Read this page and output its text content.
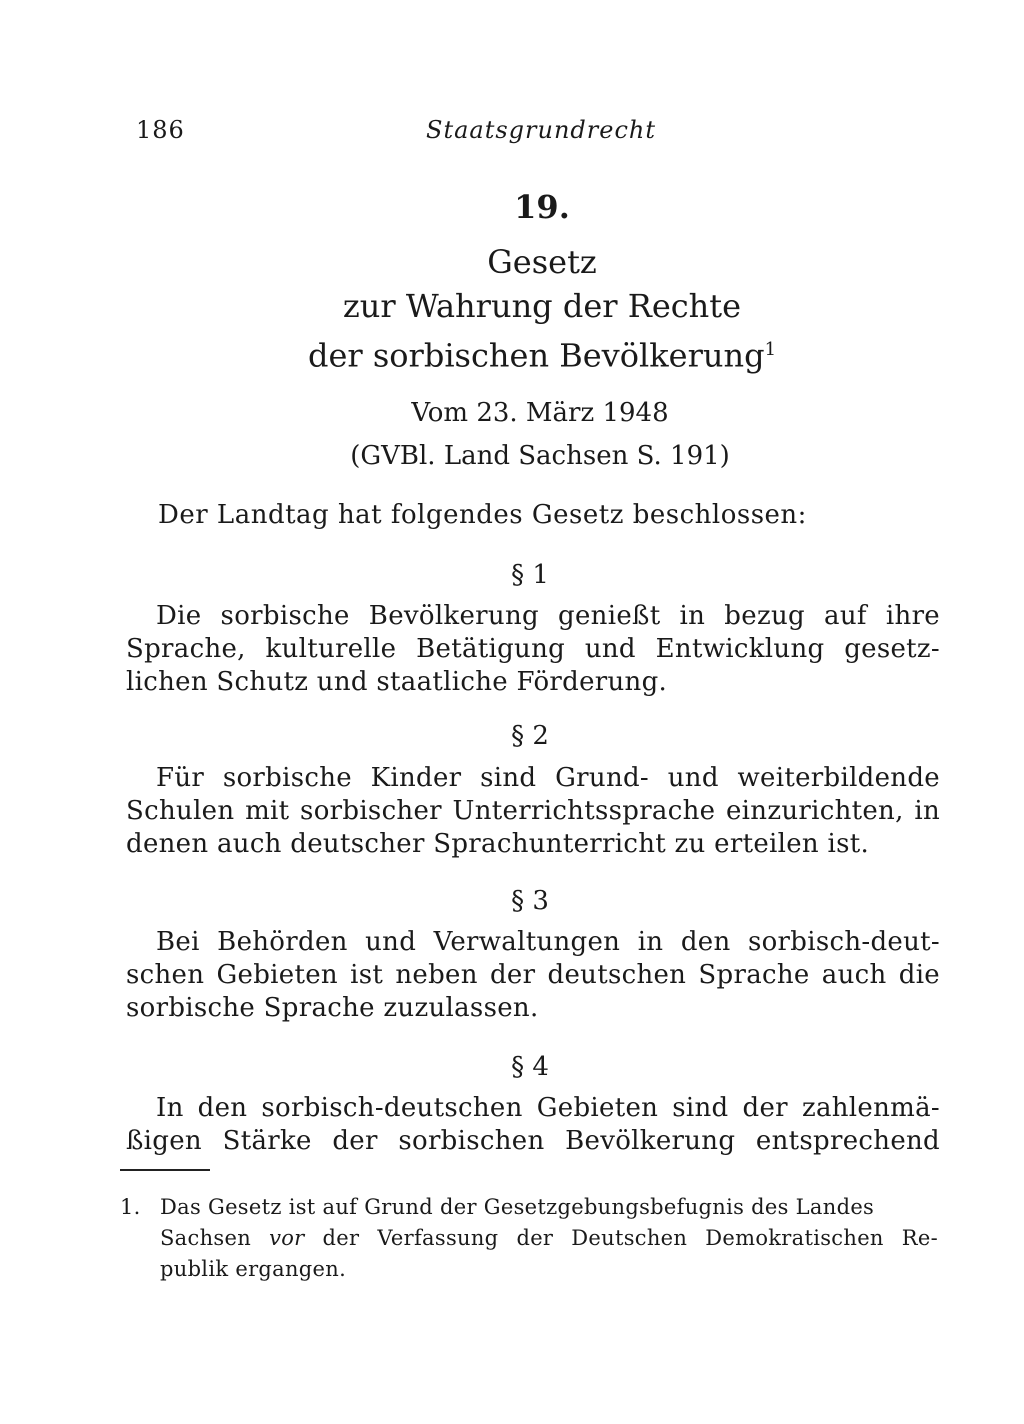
186	Staatsgrundrecht
19.
Gesetz
zur Wahrung der Rechte
der sorbischen Bevölkerung$^1$
Vom 23. März 1948
(GVBl. Land Sachsen S. 191)
Der Landtag hat folgendes Gesetz beschlossen:
§ 1
Die sorbische Bevölkerung genießt in bezug auf ihre
Sprache, kulturelle Betätigung und Entwicklung gesetz-
lichen Schutz und staatliche Förderung.
§ 2
Für sorbische Kinder sind Grund- und weiterbildende
Schulen mit sorbischer Unterrichtssprache einzurichten, in
denen auch deutscher Sprachunterricht zu erteilen ist.
§ 3
Bei Behörden und Verwaltungen in den sorbisch-deut-
schen Gebieten ist neben der deutschen Sprache auch die
sorbische Sprache zuzulassen.
§ 4
In den sorbisch-deutschen Gebieten sind der zahlenmä-
ßigen Stärke der sorbischen Bevölkerung entsprechend
1. Das Gesetz ist auf Grund der Gesetzgebungsbefugnis des Landes
Sachsen vor der Verfassung der Deutschen Demokratischen Re-
publik ergangen.
